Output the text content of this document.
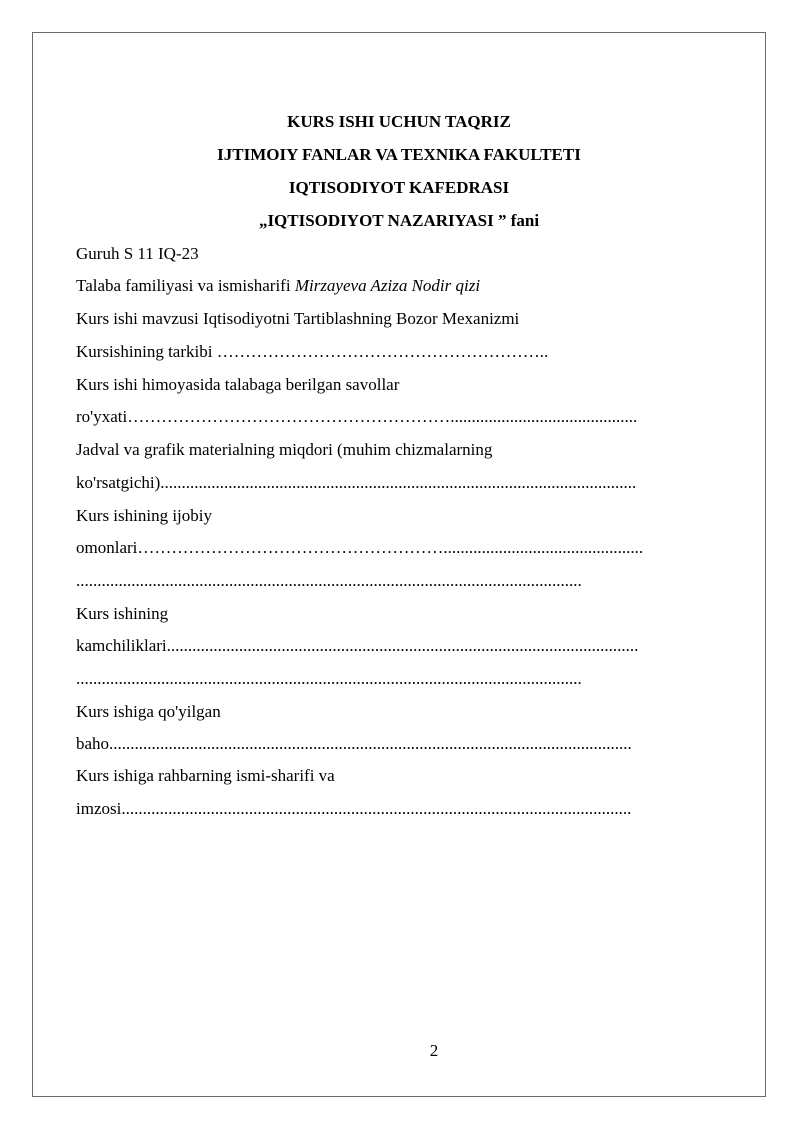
KURS ISHI UCHUN TAQRIZ
IJTIMOIY FANLAR VA TEXNIKA FAKULTETI
IQTISODIYOT KAFEDRASI
„IQTISODIYOT NAZARIYASI ” fani
Guruh S 11 IQ-23
Talaba familiyasi va ismisharifi Mirzayeva Aziza Nodir qizi
Kurs ishi mavzusi Iqtisodiyotni Tartiblashning Bozor Mexanizmi
Kursishining tarkibi …………………………………………………..
Kurs ishi himoyasida talabaga berilgan savollar
ro'yxati…………………………………………………............................................
Jadval va grafik materialning miqdori (muhim chizmalarning
ko'rsatgichi)................................................................................................................
Kurs ishining ijobiy
omonlari………………………………………………...............................................
.......................................................................................................................
Kurs ishining
kamchiliklari...............................................................................................................
.......................................................................................................................
Kurs ishiga qo'yilgan
baho...........................................................................................................................
Kurs ishiga rahbarning ismi-sharifi va
imzosi........................................................................................................................
2
